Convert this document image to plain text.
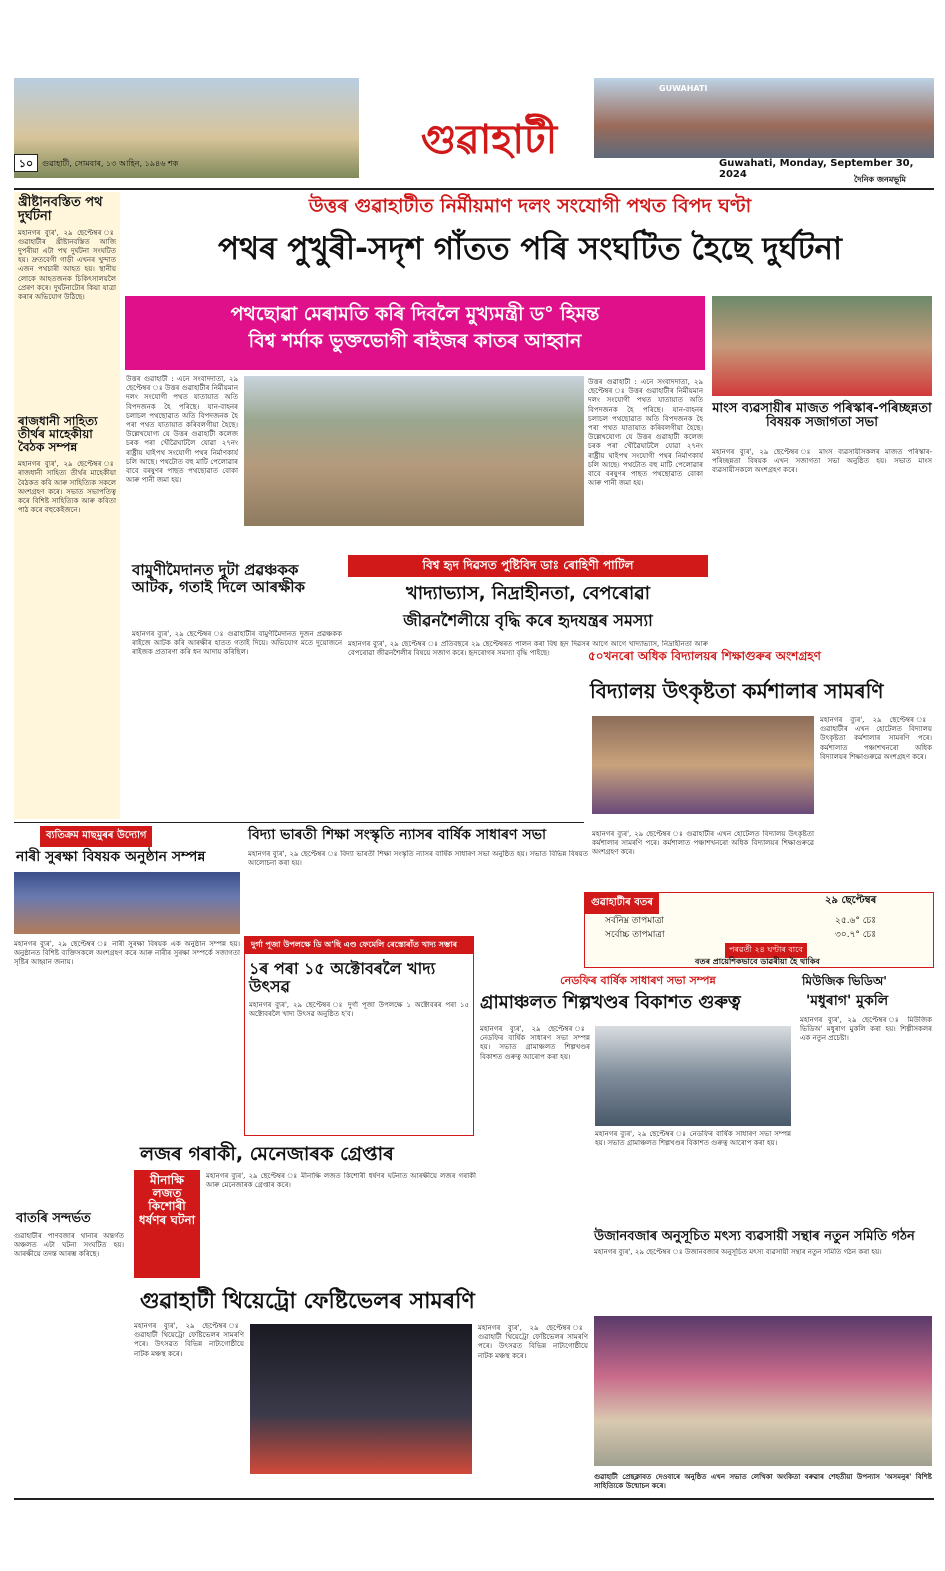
গুৱাহাটী
GUWAHATI
১০	গুৱাহাটী, সোমবাৰ, ১৩ আহিন, ১৯৪৬ শক	Guwahati, Monday, September 30, 2024	দৈনিক জনমভূমি
খ্ৰীষ্টানবস্তিত পথ দুৰ্ঘটনা
মহানগৰ ব্যুৰ', ২৯ ছেপ্টেম্বৰ ঃ গুৱাহাটীৰ খ্ৰীষ্টানবস্তিত আজি দুপৰীয়া এটা পথ দুৰ্ঘটনা সংঘটিত হয়। দ্ৰুতবেগী গাড়ী এখনৰ খুন্দাত এজন পথচাৰী আহত হয়। স্থানীয় লোকে আহতজনক চিকিৎসালয়লৈ প্ৰেৰণ কৰে। দুৰ্ঘটনাটোৰ কিয়া যাত্ৰা কৰাৰ অভিযোগ উঠিছে।
ৰাজধানী সাহিত্য তীৰ্থৰ মাহেকীয়া বৈঠক সম্পন্ন
মহানগৰ ব্যুৰ', ২৯ ছেপ্টেম্বৰ ঃ ৰাজধানী সাহিত্য তীৰ্থৰ মাহেকীয়া বৈঠকত কবি আৰু সাহিত্যিক সকলে অংশগ্ৰহণ কৰে। সভাত সভাপতিত্ব কৰে বিশিষ্ট সাহিত্যিক আৰু কবিতা পাঠ কৰে বহুকেইজনে।
উত্তৰ গুৱাহাটীত নিৰ্মীয়মাণ দলং সংযোগী পথত বিপদ ঘণ্টা
পথৰ পুখুৰী-সদৃশ গাঁতত পৰি সংঘটিত হৈছে দুৰ্ঘটনা
পথছোৱা মেৰামতি কৰি দিবলৈ মুখ্যমন্ত্ৰী ড° হিমন্ত
বিশ্ব শৰ্মাক ভুক্তভোগী ৰাইজৰ কাতৰ আহ্বান
উত্তৰ গুৱাহাটী : এনে সংবাদদাতা, ২৯ ছেপ্টেম্বৰ ঃ উত্তৰ গুৱাহাটীৰ নিৰ্মীয়মান দলং সংযোগী পথত যাতায়াত অতি বিপদজনক হৈ পৰিছে। যান-বাহনৰ চলাচল পথছোৱাত অতি বিপদজনক হৈ পৰা পথত যাতায়াত কৰিবলগীয়া হৈছে। উল্লেখযোগ্য যে উত্তৰ গুৱাহাটী কলেজ চৰক পৰা খৌৱৈঘাটলৈ যোৱা ২৭নং ৰাষ্ট্ৰীয় ঘাইপথ সংযোগী পথৰ নিৰ্মাণকাৰ্য চলি আছে। পথটোত বহু মাটি পেলোৱাৰ বাবে বৰষুণৰ পাছত পথছোৱাত বোকা আৰু পানী জমা হয়।
উত্তৰ গুৱাহাটী : এনে সংবাদদাতা, ২৯ ছেপ্টেম্বৰ ঃ উত্তৰ গুৱাহাটীৰ নিৰ্মীয়মান দলং সংযোগী পথত যাতায়াত অতি বিপদজনক হৈ পৰিছে। যান-বাহনৰ চলাচল পথছোৱাত অতি বিপদজনক হৈ পৰা পথত যাতায়াত কৰিবলগীয়া হৈছে। উল্লেখযোগ্য যে উত্তৰ গুৱাহাটী কলেজ চৰক পৰা খৌৱৈঘাটলৈ যোৱা ২৭নং ৰাষ্ট্ৰীয় ঘাইপথ সংযোগী পথৰ নিৰ্মাণকাৰ্য চলি আছে। পথটোত বহু মাটি পেলোৱাৰ বাবে বৰষুণৰ পাছত পথছোৱাত বোকা আৰু পানী জমা হয়।
মাংস ব্যৱসায়ীৰ মাজত পৰিস্কাৰ-পৰিচ্ছন্নতা বিষয়ক সজাগতা সভা
মহানগৰ ব্যুৰ', ২৯ ছেপ্টেম্বৰ ঃ মাংস ব্যৱসায়ীসকলৰ মাজত পৰিস্কাৰ-পৰিচ্ছন্নতা বিষয়ক এখন সজাগতা সভা অনুষ্ঠিত হয়। সভাত মাংস ব্যৱসায়ীসকলে অংশগ্ৰহণ কৰে।
বিশ্ব হৃদ দিৱসত পুষ্টিবিদ ডাঃ ৰোহিণী পাটিল
খাদ্যাভ্যাস, নিদ্ৰাহীনতা, বেপৰোৱা
জীৱনশৈলীয়ে বৃদ্ধি কৰে হৃদযন্ত্ৰৰ সমস্যা
মহানগৰ ব্যুৰ', ২৯ ছেপ্টেম্বৰ ঃ প্ৰতিবছৰে ২৯ ছেপ্টেম্বৰত পালন কৰা বিশ্ব হৃদ দিৱসৰ আগে আগে খাদ্যাভ্যাস, নিদ্ৰাহীনতা আৰু বেপৰোৱা জীৱনশৈলীৰ বিষয়ে সজাগ কৰে। হৃদৰোগৰ সমস্যা বৃদ্ধি পাইছে।
বামুণীমৈদানত দুটা প্ৰৱঞ্চকক আটক, গতাই দিলে আৰক্ষীক
মহানগৰ ব্যুৰ', ২৯ ছেপ্টেম্বৰ ঃ গুৱাহাটীৰ বামুণীমৈদানত দুজন প্ৰৱঞ্চকক ৰাইজে আটক কৰি আৰক্ষীৰ হাতত গতাই দিয়ে। অভিযোগ মতে দুয়োজনে ৰাইজক প্ৰতাৰণা কৰি ধন আদায় কৰিছিল।	৫০খনৰো অধিক বিদ্যালয়ৰ শিক্ষাগুৰুৰ অংশগ্ৰহণ
বিদ্যালয় উৎকৃষ্টতা কৰ্মশালাৰ সামৰণি
মহানগৰ ব্যুৰ', ২৯ ছেপ্টেম্বৰ ঃ গুৱাহাটীৰ এখন হোটেলত বিদ্যালয় উৎকৃষ্টতা কৰ্মশালাৰ সামৰণি পৰে। কৰ্মশালাত পঞ্চাশখনৰো অধিক বিদ্যালয়ৰ শিক্ষাগুৰুৱে অংশগ্ৰহণ কৰে।
ব্যতিক্ৰম মাছমুৰৰ উদ্যোগ
নাৰী সুৰক্ষা বিষয়ক অনুষ্ঠান সম্পন্ন
মহানগৰ ব্যুৰ', ২৯ ছেপ্টেম্বৰ ঃ নাৰী সুৰক্ষা বিষয়ক এক অনুষ্ঠান সম্পন্ন হয়। অনুষ্ঠানত বিশিষ্ট ব্যক্তিসকলে অংশগ্ৰহণ কৰে আৰু নাৰীৰ সুৰক্ষা সম্পৰ্কে সজাগতা সৃষ্টিৰ আহ্বান জনায়।
বাতৰি সন্দৰ্ভত
গুৱাহাটীৰ পাণবজাৰ থানাৰ অন্তৰ্গত অঞ্চলত এটা ঘটনা সংঘটিত হয়। আৰক্ষীয়ে তদন্ত আৰম্ভ কৰিছে।
বিদ্যা ভাৰতী শিক্ষা সংস্কৃতি ন্যাসৰ বাৰ্ষিক সাধাৰণ সভা
মহানগৰ ব্যুৰ', ২৯ ছেপ্টেম্বৰ ঃ বিদ্যা ভাৰতী শিক্ষা সংস্কৃতি ন্যাসৰ বাৰ্ষিক সাধাৰণ সভা অনুষ্ঠিত হয়। সভাত বিভিন্ন বিষয়ত আলোচনা কৰা হয়।
দুৰ্গা পূজা উপলক্ষে ডি অ'ছি এণ্ড ফেমেলি ৰেস্তোৰাঁত খাদ্য সম্ভাৰ
১ৰ পৰা ১৫ অক্টোবৰলৈ খাদ্য উৎসৱ
মহানগৰ ব্যুৰ', ২৯ ছেপ্টেম্বৰ ঃ দুৰ্গা পূজা উপলক্ষে ১ অক্টোবৰৰ পৰা ১৫ অক্টোবৰলৈ খাদ্য উৎসৱ অনুষ্ঠিত হ'ব।
মহানগৰ ব্যুৰ', ২৯ ছেপ্টেম্বৰ ঃ গুৱাহাটীৰ এখন হোটেলত বিদ্যালয় উৎকৃষ্টতা কৰ্মশালাৰ সামৰণি পৰে। কৰ্মশালাত পঞ্চাশখনৰো অধিক বিদ্যালয়ৰ শিক্ষাগুৰুৱে অংশগ্ৰহণ কৰে।
গুৱাহাটীৰ বতৰ	২৯ ছেপ্টেম্বৰ
সৰ্বনিম্ন তাপমাত্ৰা	২৫.৬° চেঃ
সৰ্বোচ্চ তাপমাত্ৰা	৩০.৭° চেঃ
পৰৱৰ্তী ২৪ ঘণ্টাৰ বাবে
বতৰ প্ৰায়েশিকভাবে ডাৱৰীয়া হৈ থাকিব
নেডফিৰ বাৰ্ষিক সাধাৰণ সভা সম্পন্ন
গ্ৰামাঞ্চলত শিল্পখণ্ডৰ বিকাশত গুৰুত্ব
মহানগৰ ব্যুৰ', ২৯ ছেপ্টেম্বৰ ঃ নেডফিৰ বাৰ্ষিক সাধাৰণ সভা সম্পন্ন হয়। সভাত গ্ৰামাঞ্চলত শিল্পখণ্ডৰ বিকাশত গুৰুত্ব আৰোপ কৰা হয়।
মহানগৰ ব্যুৰ', ২৯ ছেপ্টেম্বৰ ঃ নেডফিৰ বাৰ্ষিক সাধাৰণ সভা সম্পন্ন হয়। সভাত গ্ৰামাঞ্চলত শিল্পখণ্ডৰ বিকাশত গুৰুত্ব আৰোপ কৰা হয়।
মিউজিক ভিডিঅ'
'মধুৰাগ' মুকলি
মহানগৰ ব্যুৰ', ২৯ ছেপ্টেম্বৰ ঃ মিউজিক ভিডিঅ' মধুৰাগ মুকলি কৰা হয়। শিল্পীসকলৰ এক নতুন প্ৰচেষ্টা।
লজৰ গৰাকী, মেনেজাৰক গ্ৰেপ্তাৰ
মীনাক্ষি লজত কিশোৰী ধৰ্ষণৰ ঘটনা
মহানগৰ ব্যুৰ', ২৯ ছেপ্টেম্বৰ ঃ মীনাক্ষি লজত কিশোৰী ধৰ্ষণৰ ঘটনাত আৰক্ষীয়ে লজৰ গৰাকী আৰু মেনেজাৰক গ্ৰেপ্তাৰ কৰে।
উজানবজাৰ অনুসূচিত মৎস্য ব্যৱসায়ী সন্থাৰ নতুন সমিতি গঠন
মহানগৰ ব্যুৰ', ২৯ ছেপ্টেম্বৰ ঃ উজানবজাৰ অনুসূচিত মৎস্য ব্যৱসায়ী সন্থাৰ নতুন সমিতি গঠন কৰা হয়।
গুৱাহাটী প্ৰেছক্লাবত দেওবাৰে অনুষ্ঠিত এখন সভাত লেখিকা অংকিতা বৰুৱাৰ শেহতীয়া উপন্যাস 'অসমনুৰ' বিশিষ্ট সাহিত্যিকে উন্মোচন কৰে।
গুৱাহাটী থিয়েট্ৰো ফেষ্টিভেলৰ সামৰণি
মহানগৰ ব্যুৰ', ২৯ ছেপ্টেম্বৰ ঃ গুৱাহাটী থিয়েট্ৰো ফেষ্টিভেলৰ সামৰণি পৰে। উৎসৱত বিভিন্ন নাট্যগোষ্ঠীয়ে নাটক মঞ্চস্থ কৰে।
মহানগৰ ব্যুৰ', ২৯ ছেপ্টেম্বৰ ঃ গুৱাহাটী থিয়েট্ৰো ফেষ্টিভেলৰ সামৰণি পৰে। উৎসৱত বিভিন্ন নাট্যগোষ্ঠীয়ে নাটক মঞ্চস্থ কৰে।
